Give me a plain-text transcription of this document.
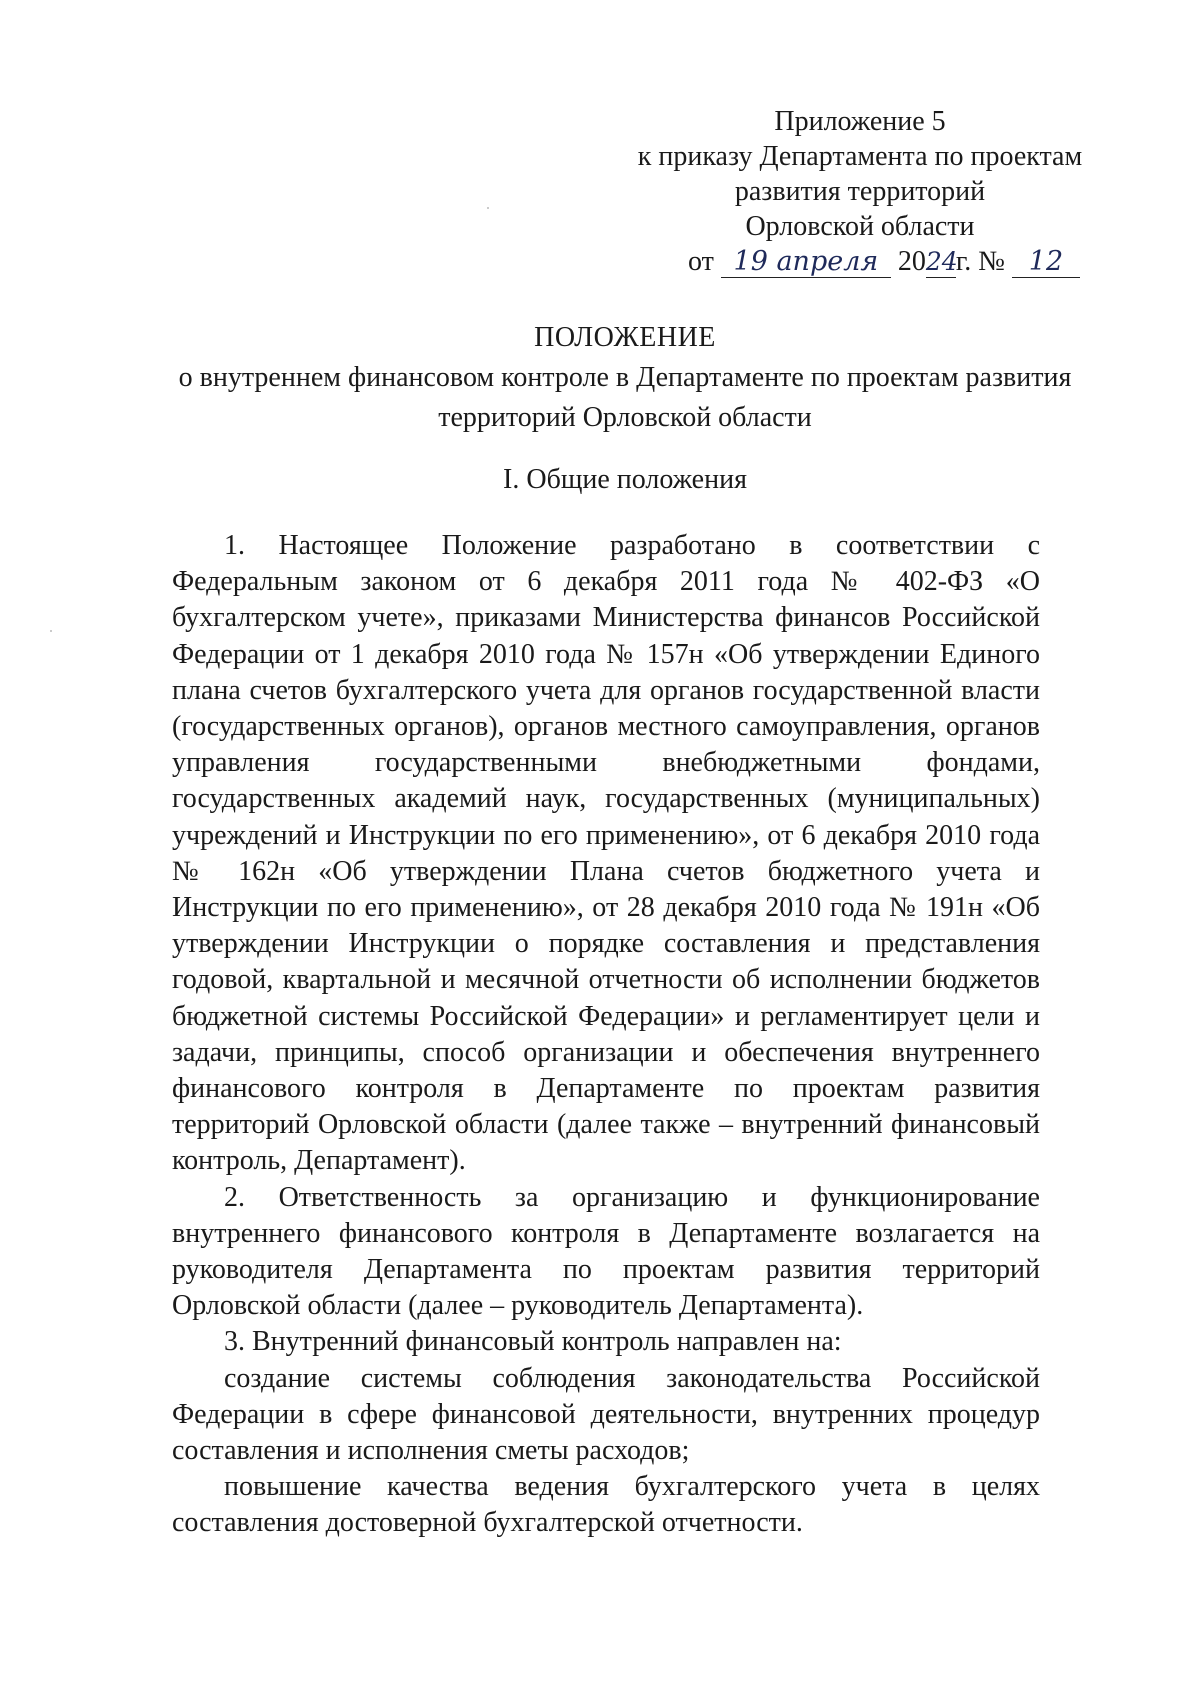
Приложение 5
к приказу Департамента по проектам
развития территорий
Орловской области
от 19 апреля 2024г. № 12
ПОЛОЖЕНИЕ
о внутреннем финансовом контроле в Департаменте по проектам развития
территорий Орловской области
I. Общие положения

1. Настоящее Положение разработано в соответствии с Федеральным законом от 6 декабря 2011 года № 402-ФЗ «О бухгалтерском учете», приказами Министерства финансов Российской Федерации от 1 декабря 2010 года № 157н «Об утверждении Единого плана счетов бухгалтерского учета для органов государственной власти (государственных органов), органов местного самоуправления, органов управления государственными внебюджетными фондами, государственных академий наук, государственных (муниципальных) учреждений и Инструкции по его применению», от 6 декабря 2010 года № 162н «Об утверждении Плана счетов бюджетного учета и Инструкции по его применению», от 28 декабря 2010 года № 191н «Об утверждении Инструкции о порядке составления и представления годовой, квартальной и месячной отчетности об исполнении бюджетов бюджетной системы Российской Федерации» и регламентирует цели и задачи, принципы, способ организации и обеспечения внутреннего финансового контроля в Департаменте по проектам развития территорий Орловской области (далее также – внутренний финансовый контроль, Департамент).

2. Ответственность за организацию и функционирование внутреннего финансового контроля в Департаменте возлагается на руководителя Департамента по проектам развития территорий Орловской области (далее – руководитель Департамента).

3. Внутренний финансовый контроль направлен на:

создание системы соблюдения законодательства Российской Федерации в сфере финансовой деятельности, внутренних процедур составления и исполнения сметы расходов;

повышение качества ведения бухгалтерского учета в целях составления достоверной бухгалтерской отчетности.
